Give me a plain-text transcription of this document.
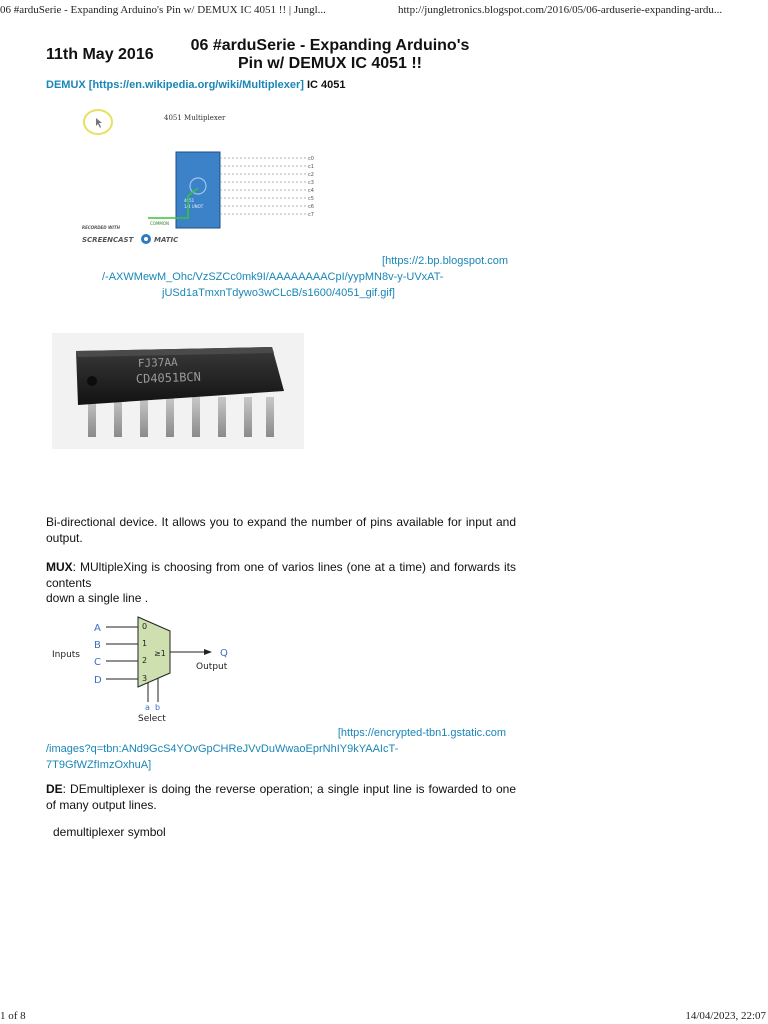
06 #arduSerie - Expanding Arduino's Pin w/ DEMUX IC 4051 !! | Jungl...	http://jungletronics.blogspot.com/2016/05/06-arduserie-expanding-ardu...
11th May 2016
06 #arduSerie - Expanding Arduino's
Pin w/ DEMUX IC 4051 !!
DEMUX [https://en.wikipedia.org/wiki/Multiplexer] IC 4051
4051 Multiplexer
4051
1/4 UNOT
COMMON
c0
c1
c2
c3
c4
c5
c6
c7
RECORDED WITH
SCREENCAST	MATIC
[https://2.bp.blogspot.com
/-AXWMewM_Ohc/VzSZCc0mk9I/AAAAAAAACpI/yypMN8v-y-UVxAT-
jUSd1aTmxnTdywo3wCLcB/s1600/4051_gif.gif]
FJ37AA
CD4051BCN
Bi-directional device. It allows you to expand the number of pins available for input and output.
MUX: MUltipleXing is choosing from one of varios lines (one at a time) and forwards its contents
down a single line .
Inputs
A
B
C
D
0
1
2
3
≥1	Q
Output
a b
Select
[https://encrypted-tbn1.gstatic.com
/images?q=tbn:ANd9GcS4YOvGpCHReJVvDuWwaoEprNhIY9kYAAIcT-
7T9GfWZfImzOxhuA]
DE: DEmultiplexer is doing the reverse operation; a single input line is fowarded to one of many output lines.
demultiplexer symbol
1 of 8	14/04/2023, 22:07
